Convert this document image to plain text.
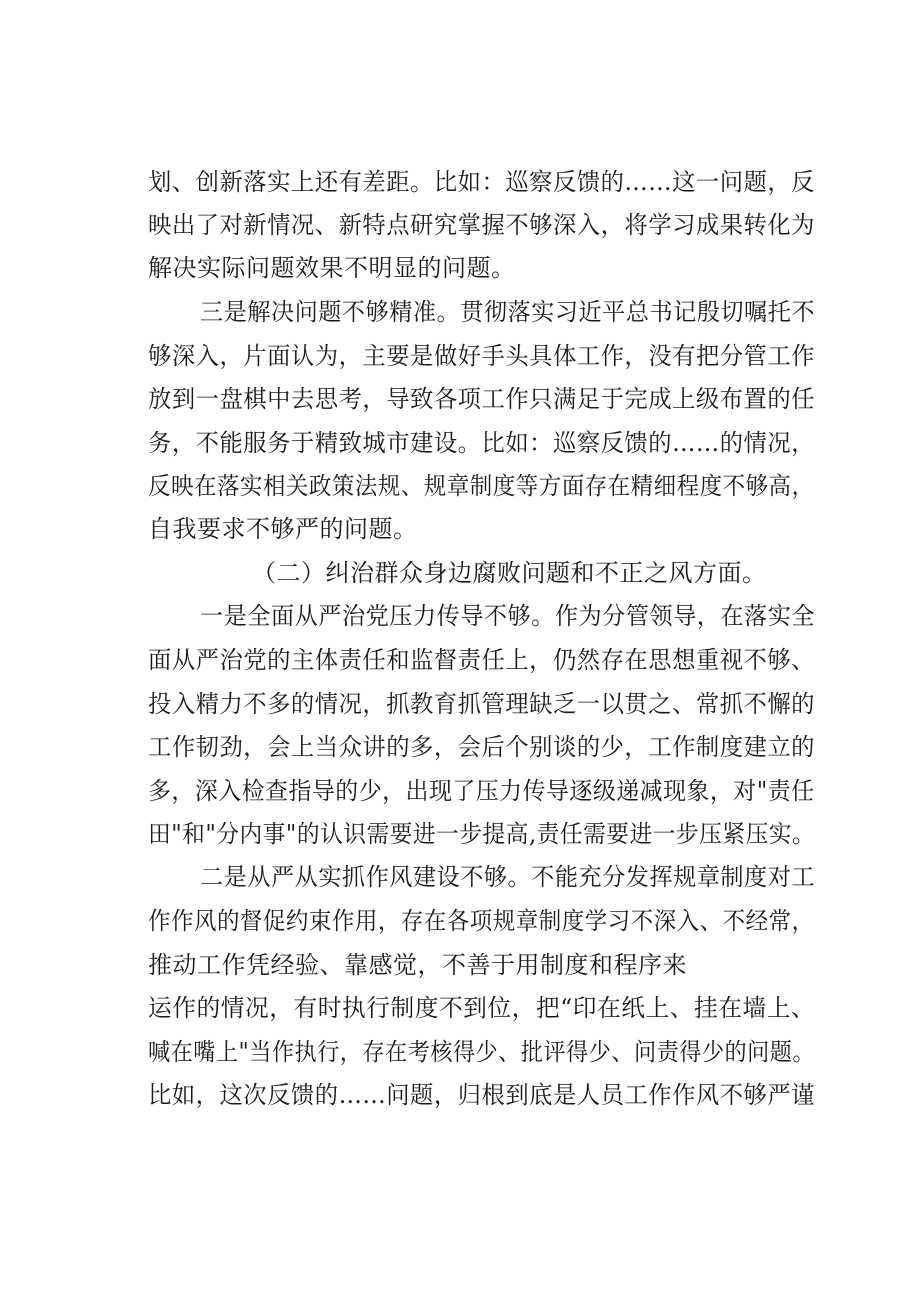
划、创新落实上还有差距。比如：巡察反馈的……这一问题，反
映出了对新情况、新特点研究掌握不够深入，将学习成果转化为
解决实际问题效果不明显的问题。
三是解决问题不够精准。贯彻落实习近平总书记殷切嘱托不
够深入，片面认为，主要是做好手头具体工作，没有把分管工作
放到一盘棋中去思考，导致各项工作只满足于完成上级布置的任
务，不能服务于精致城市建设。比如：巡察反馈的……的情况，
反映在落实相关政策法规、规章制度等方面存在精细程度不够高，
自我要求不够严的问题。
（二）纠治群众身边腐败问题和不正之风方面。
一是全面从严治党压力传导不够。作为分管领导，在落实全
面从严治党的主体责任和监督责任上，仍然存在思想重视不够、
投入精力不多的情况，抓教育抓管理缺乏一以贯之、常抓不懈的
工作韧劲，会上当众讲的多，会后个别谈的少，工作制度建立的
多，深入检查指导的少，出现了压力传导逐级递减现象，对"责任
田"和"分内事"的认识需要进一步提高,责任需要进一步压紧压实。
二是从严从实抓作风建设不够。不能充分发挥规章制度对工
作作风的督促约束作用，存在各项规章制度学习不深入、不经常，
推动工作凭经验、靠感觉，不善于用制度和程序来
运作的情况，有时执行制度不到位，把“印在纸上、挂在墙上、
喊在嘴上"当作执行，存在考核得少、批评得少、问责得少的问题。
比如，这次反馈的……问题，归根到底是人员工作作风不够严谨
